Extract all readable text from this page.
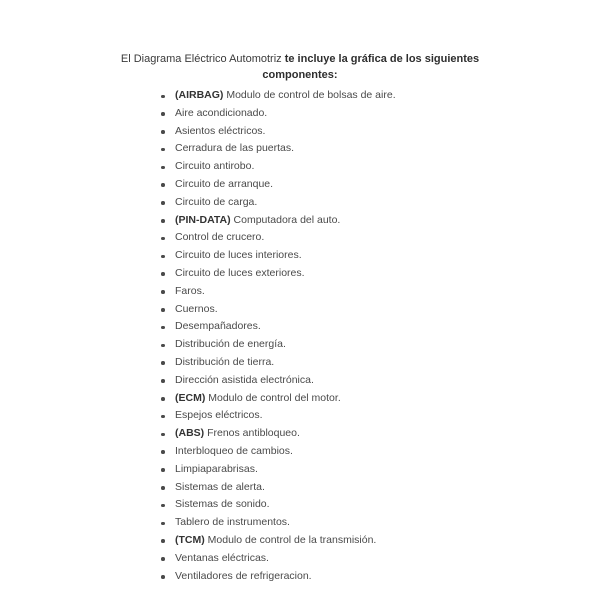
El Diagrama Eléctrico Automotriz te incluye la gráfica de los siguientes componentes:

(AIRBAG) Modulo de control de bolsas de aire.
Aire acondicionado.
Asientos eléctricos.
Cerradura de las puertas.
Circuito antirobo.
Circuito de arranque.
Circuito de carga.
(PIN-DATA) Computadora del auto.
Control de crucero.
Circuito de luces interiores.
Circuito de luces exteriores.
Faros.
Cuernos.
Desempañadores.
Distribución de energía.
Distribución de tierra.
Dirección asistida electrónica.
(ECM) Modulo de control del motor.
Espejos eléctricos.
(ABS) Frenos antibloqueo.
Interbloqueo de cambios.
Limpiaparabrisas.
Sistemas de alerta.
Sistemas de sonido.
Tablero de instrumentos.
(TCM) Modulo de control de la transmisión.
Ventanas eléctricas.
Ventiladores de refrigeracion.
